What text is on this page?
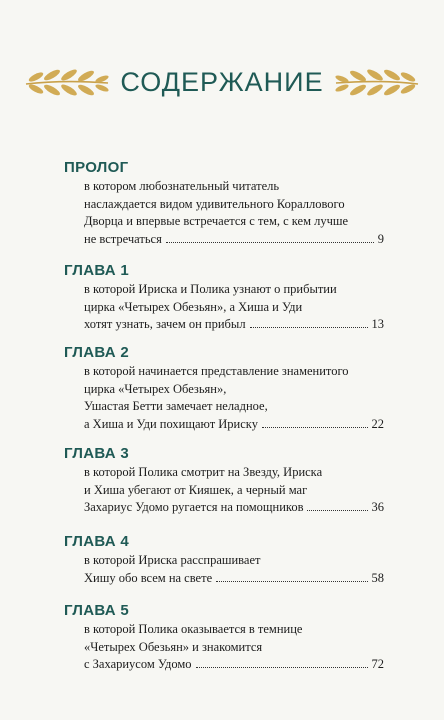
СОДЕРЖАНИЕ
ПРОЛОГ
в котором любознательный читатель
наслаждается видом удивительного Кораллового
Дворца и впервые встречается с тем, с кем лучше
не встречаться	9
ГЛАВА 1
в которой Ириска и Полика узнают о прибытии
цирка «Четырех Обезьян», а Хиша и Уди
хотят узнать, зачем он прибыл	13
ГЛАВА 2
в которой начинается представление знаменитого
цирка «Четырех Обезьян»,
Ушастая Бетти замечает неладное,
а Хиша и Уди похищают Ириску	22
ГЛАВА 3
в которой Полика смотрит на Звезду, Ириска
и Хиша убегают от Кияшек, а черный маг
Захариус Удомо ругается на помощников	36
ГЛАВА 4
в которой Ириска расспрашивает
Хишу обо всем на свете	58
ГЛАВА 5
в которой Полика оказывается в темнице
«Четырех Обезьян» и знакомится
с Захариусом Удомо	72
